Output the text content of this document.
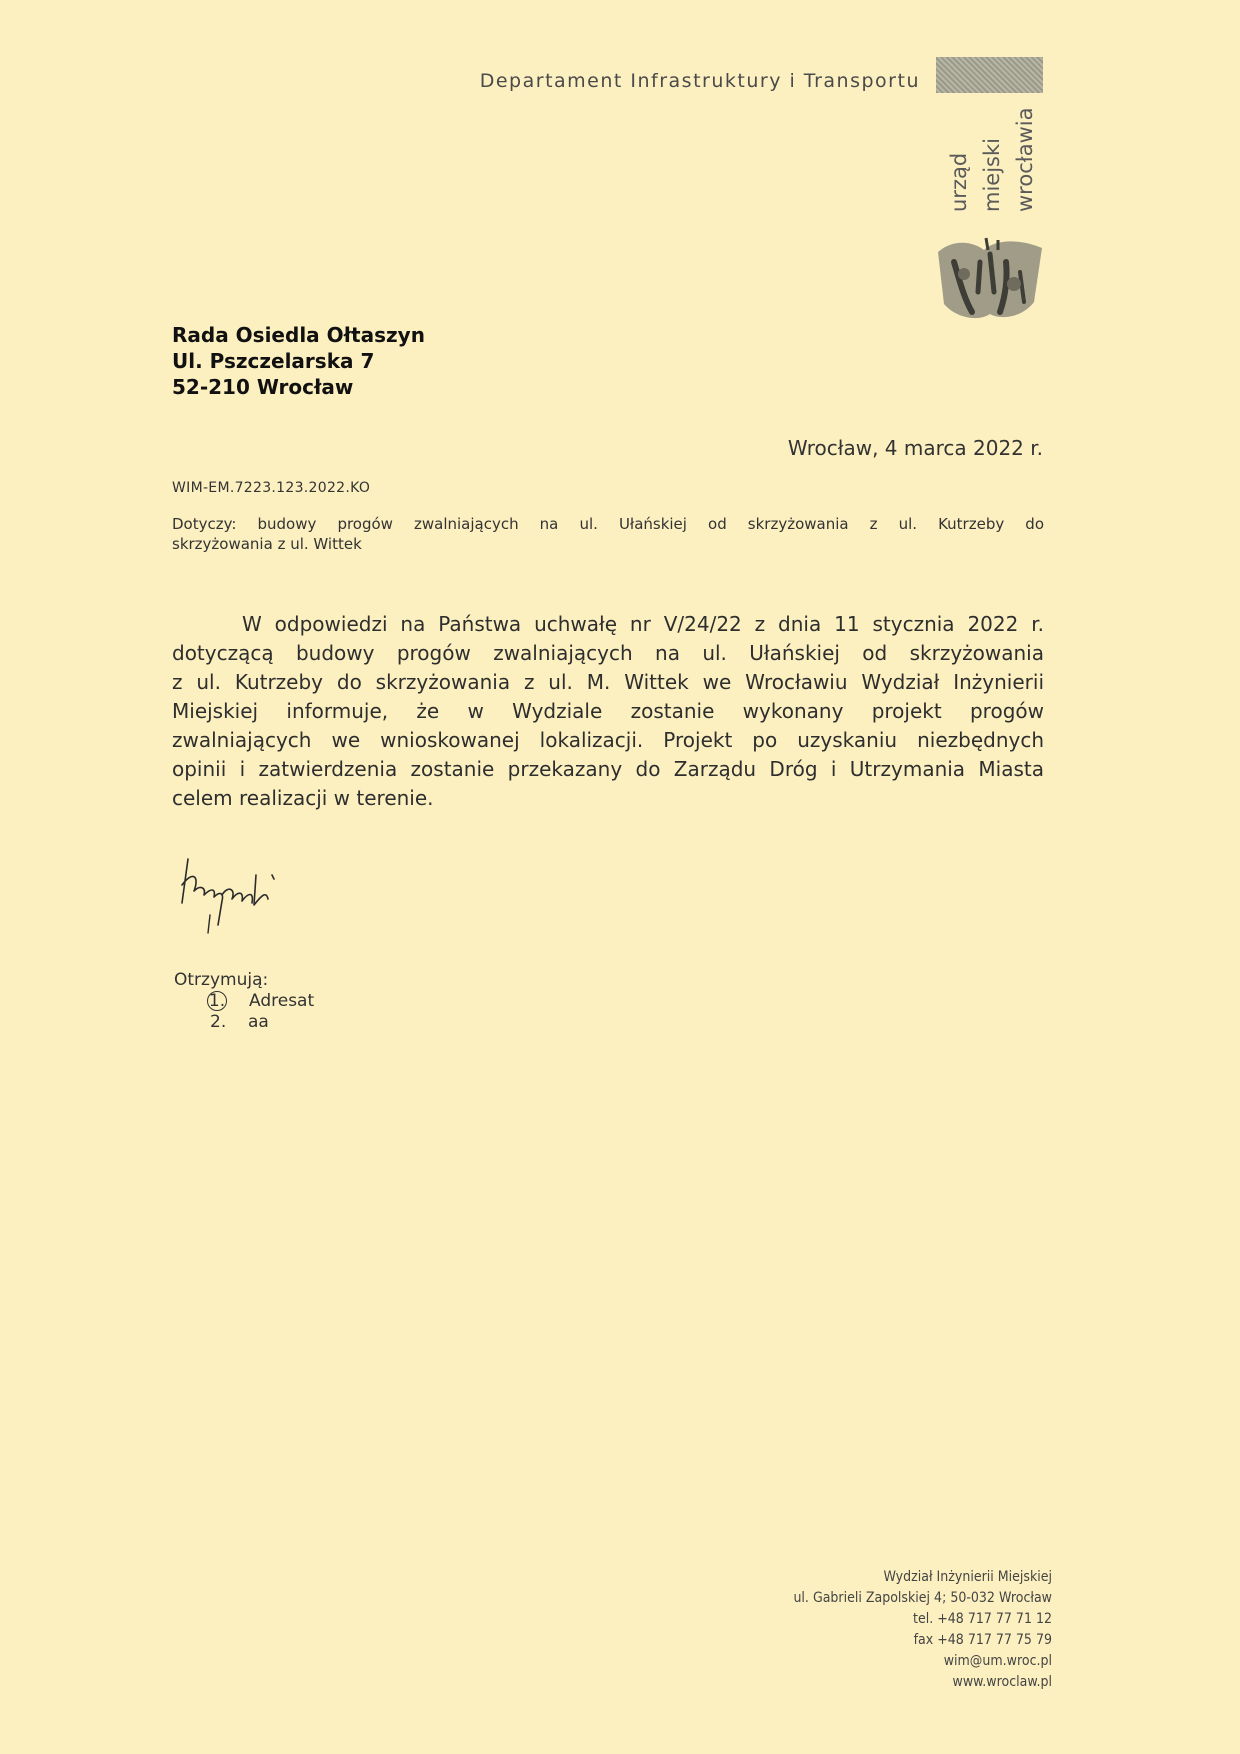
Departament Infrastruktury i Transportu
urząd miejski wrocławia
Rada Osiedla Ołtaszyn
Ul. Pszczelarska 7
52-210 Wrocław
Wrocław, 4 marca 2022 r.
WIM-EM.7223.123.2022.KO
Dotyczy: budowy progów zwalniających na ul. Ułańskiej od skrzyżowania z ul. Kutrzeby do
skrzyżowania z ul. Wittek
W odpowiedzi na Państwa uchwałę nr V/24/22 z dnia 11 stycznia 2022 r.
dotyczącą budowy progów zwalniających na ul. Ułańskiej od skrzyżowania
z ul. Kutrzeby do skrzyżowania z ul. M. Wittek we Wrocławiu Wydział Inżynierii
Miejskiej informuje, że w Wydziale zostanie wykonany projekt progów
zwalniających we wnioskowanej lokalizacji. Projekt po uzyskaniu niezbędnych
opinii i zatwierdzenia zostanie przekazany do Zarządu Dróg i Utrzymania Miasta
celem realizacji w terenie.
Otrzymują:
1. Adresat
2. aa
Wydział Inżynierii Miejskiej
ul. Gabrieli Zapolskiej 4; 50-032 Wrocław
tel. +48 717 77 71 12
fax +48 717 77 75 79
wim@um.wroc.pl
www.wroclaw.pl
